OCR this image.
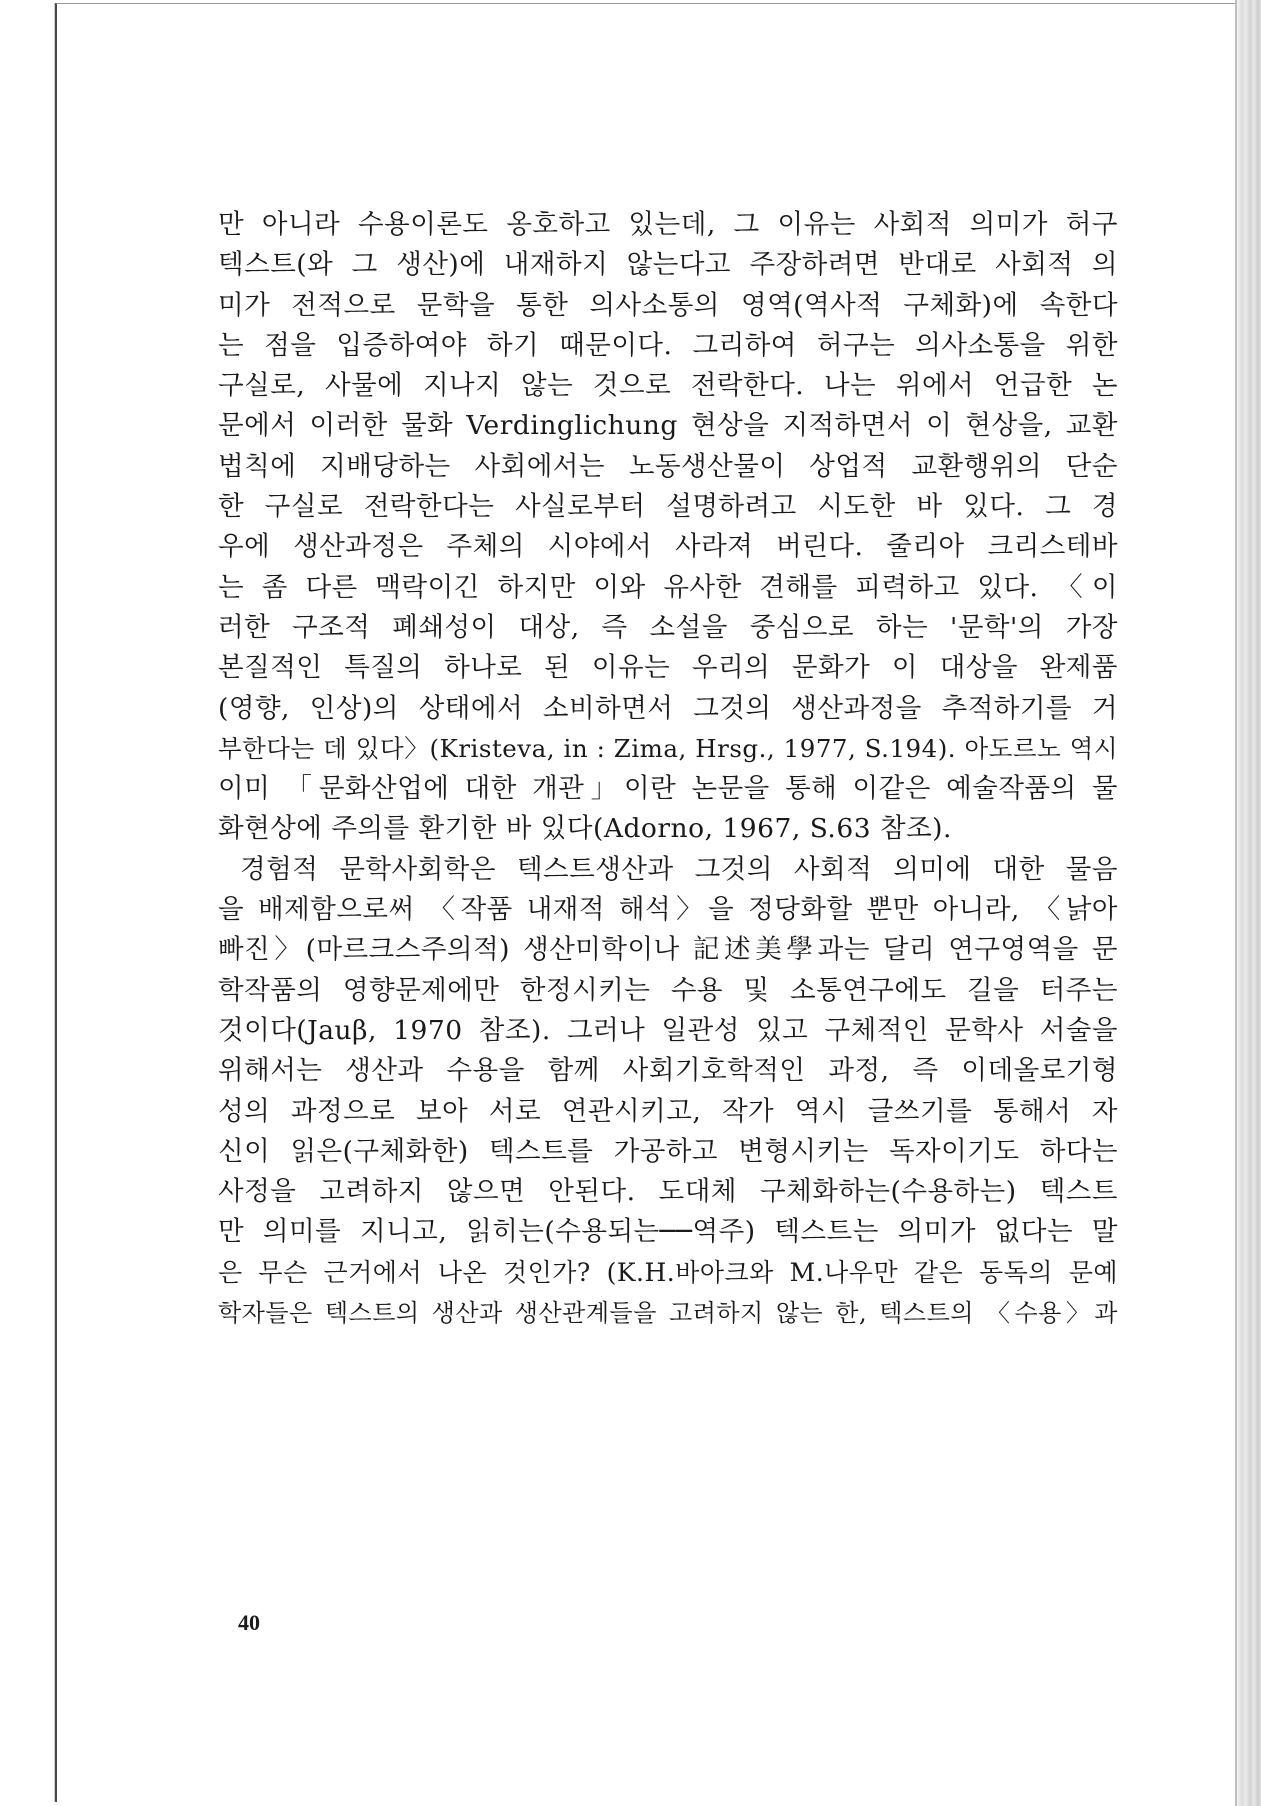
만 아니라 수용이론도 옹호하고 있는데, 그 이유는 사회적 의미가 허구
텍스트(와 그 생산)에 내재하지 않는다고 주장하려면 반대로 사회적 의
미가 전적으로 문학을 통한 의사소통의 영역(역사적 구체화)에 속한다
는 점을 입증하여야 하기 때문이다. 그리하여 허구는 의사소통을 위한
구실로, 사물에 지나지 않는 것으로 전락한다. 나는 위에서 언급한 논
문에서 이러한 물화 Verdinglichung 현상을 지적하면서 이 현상을, 교환
법칙에 지배당하는 사회에서는 노동생산물이 상업적 교환행위의 단순
한 구실로 전락한다는 사실로부터 설명하려고 시도한 바 있다. 그 경
우에 생산과정은 주체의 시야에서 사라져 버린다. 줄리아 크리스테바
는 좀 다른 맥락이긴 하지만 이와 유사한 견해를 피력하고 있다. 〈이
러한 구조적 폐쇄성이 대상, 즉 소설을 중심으로 하는 '문학'의 가장
본질적인 특질의 하나로 된 이유는 우리의 문화가 이 대상을 완제품
(영향, 인상)의 상태에서 소비하면서 그것의 생산과정을 추적하기를 거
부한다는 데 있다〉(Kristeva, in : Zima, Hrsg., 1977, S.194). 아도르노 역시
이미 「문화산업에 대한 개관」이란 논문을 통해 이같은 예술작품의 물
화현상에 주의를 환기한 바 있다(Adorno, 1967, S.63 참조).
경험적 문학사회학은 텍스트생산과 그것의 사회적 의미에 대한 물음
을 배제함으로써 〈작품 내재적 해석〉을 정당화할 뿐만 아니라, 〈낡아
빠진〉(마르크스주의적) 생산미학이나 記述美學과는 달리 연구영역을 문
학작품의 영향문제에만 한정시키는 수용 및 소통연구에도 길을 터주는
것이다(Jauβ, 1970 참조). 그러나 일관성 있고 구체적인 문학사 서술을
위해서는 생산과 수용을 함께 사회기호학적인 과정, 즉 이데올로기형
성의 과정으로 보아 서로 연관시키고, 작가 역시 글쓰기를 통해서 자
신이 읽은(구체화한) 텍스트를 가공하고 변형시키는 독자이기도 하다는
사정을 고려하지 않으면 안된다. 도대체 구체화하는(수용하는) 텍스트
만 의미를 지니고, 읽히는(수용되는──역주) 텍스트는 의미가 없다는 말
은 무슨 근거에서 나온 것인가? (K.H.바아크와 M.나우만 같은 동독의 문예
학자들은 텍스트의 생산과 생산관계들을 고려하지 않는 한, 텍스트의 〈수용〉과
40
